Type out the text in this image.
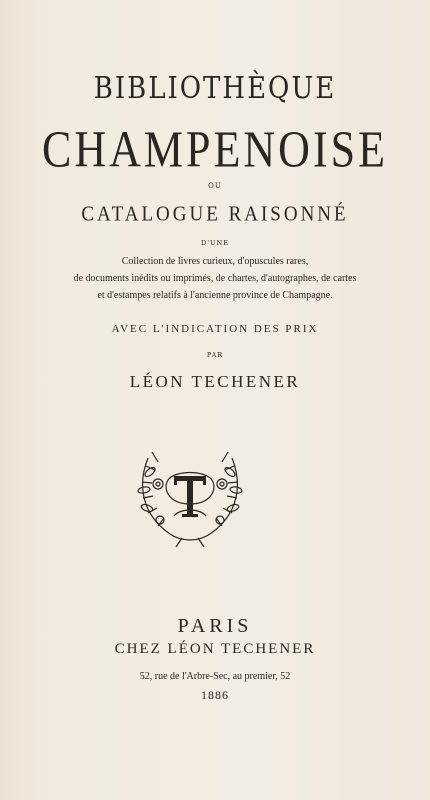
BIBLIOTHÈQUE
CHAMPENOISE
OU
CATALOGUE RAISONNÉ
D'UNE
Collection de livres curieux, d'opuscules rares,
de documents inédits ou imprimés, de chartes, d'autographes, de cartes
et d'estampes relatifs à l'ancienne province de Champagne.
AVEC L'INDICATION DES PRIX
PAR
LÉON TECHENER
PARIS
CHEZ LÉON TECHENER
52, rue de l'Arbre-Sec, au premier, 52
1886
